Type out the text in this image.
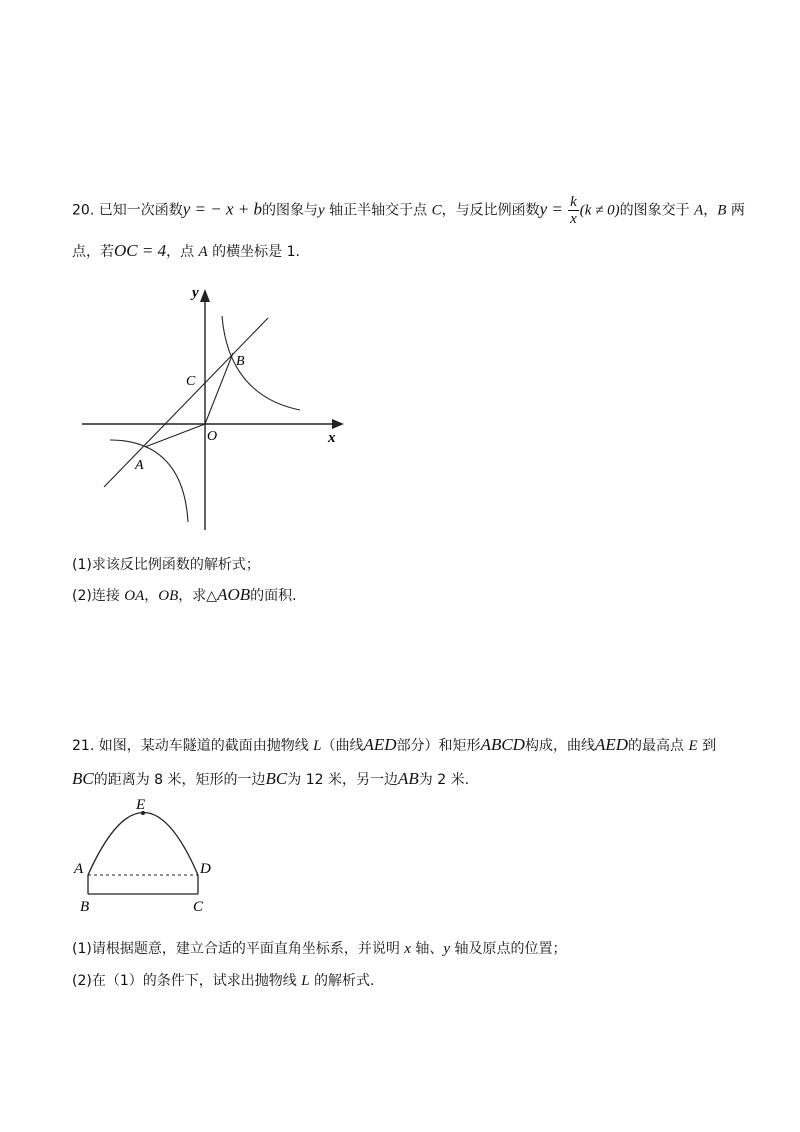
20. 已知一次函数y = − x + b的图象与y 轴正半轴交于点 C，与反比例函数$y = \frac{k}{x} (k \ne 0)$的图象交于 A，B 两
点，若OC = 4，点 A 的横坐标是 1.
y
x
O
A
B
C
(1)求该反比例函数的解析式；
(2)连接 OA，OB，求△AOB的面积.
21. 如图，某动车隧道的截面由抛物线 L（曲线AED部分）和矩形ABCD构成，曲线AED的最高点 E 到
BC的距离为 8 米，矩形的一边BC为 12 米，另一边AB为 2 米.
E
A	D
B	C
(1)请根据题意，建立合适的平面直角坐标系，并说明 x 轴、y 轴及原点的位置；
(2)在（1）的条件下，试求出抛物线 L 的解析式.
